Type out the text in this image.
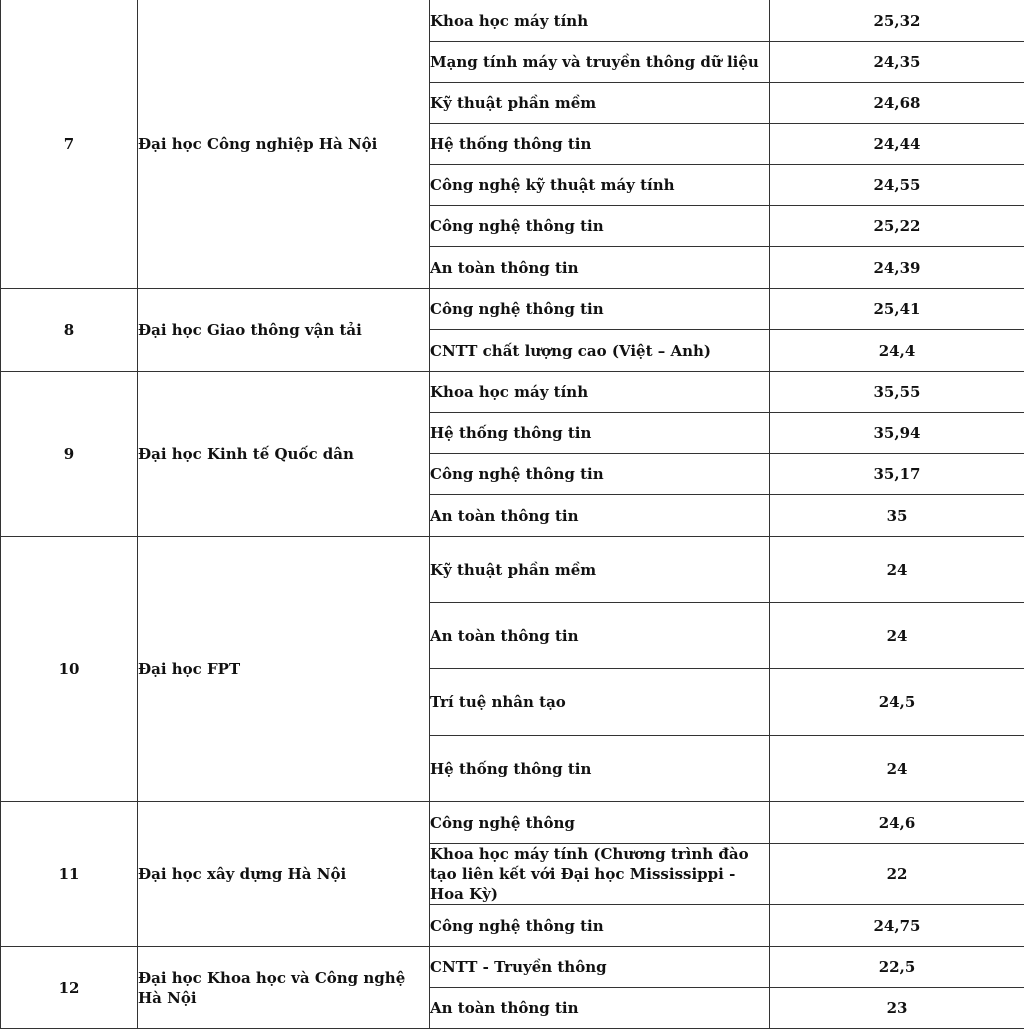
7	Đại học Công nghiệp Hà Nội	Khoa học máy tính	25,32
		Mạng tính máy và truyền thông dữ liệu	24,35
		Kỹ thuật phần mềm	24,68
		Hệ thống thông tin	24,44
		Công nghệ kỹ thuật máy tính	24,55
		Công nghệ thông tin	25,22
		An toàn thông tin	24,39
8	Đại học Giao thông vận tải	Công nghệ thông tin	25,41
		CNTT chất lượng cao (Việt – Anh)	24,4
9	Đại học Kinh tế Quốc dân	Khoa học máy tính	35,55
		Hệ thống thông tin	35,94
		Công nghệ thông tin	35,17
		An toàn thông tin	35
10	Đại học FPT	Kỹ thuật phần mềm	24
		An toàn thông tin	24
		Trí tuệ nhân tạo	24,5
		Hệ thống thông tin	24
11	Đại học xây dựng Hà Nội	Công nghệ thông	24,6
		Khoa học máy tính (Chương trình đào tạo liên kết với Đại học Mississippi - Hoa Kỳ)	22
		Công nghệ thông tin	24,75
12	Đại học Khoa học và Công nghệ Hà Nội	CNTT - Truyền thông	22,5
		An toàn thông tin	23
